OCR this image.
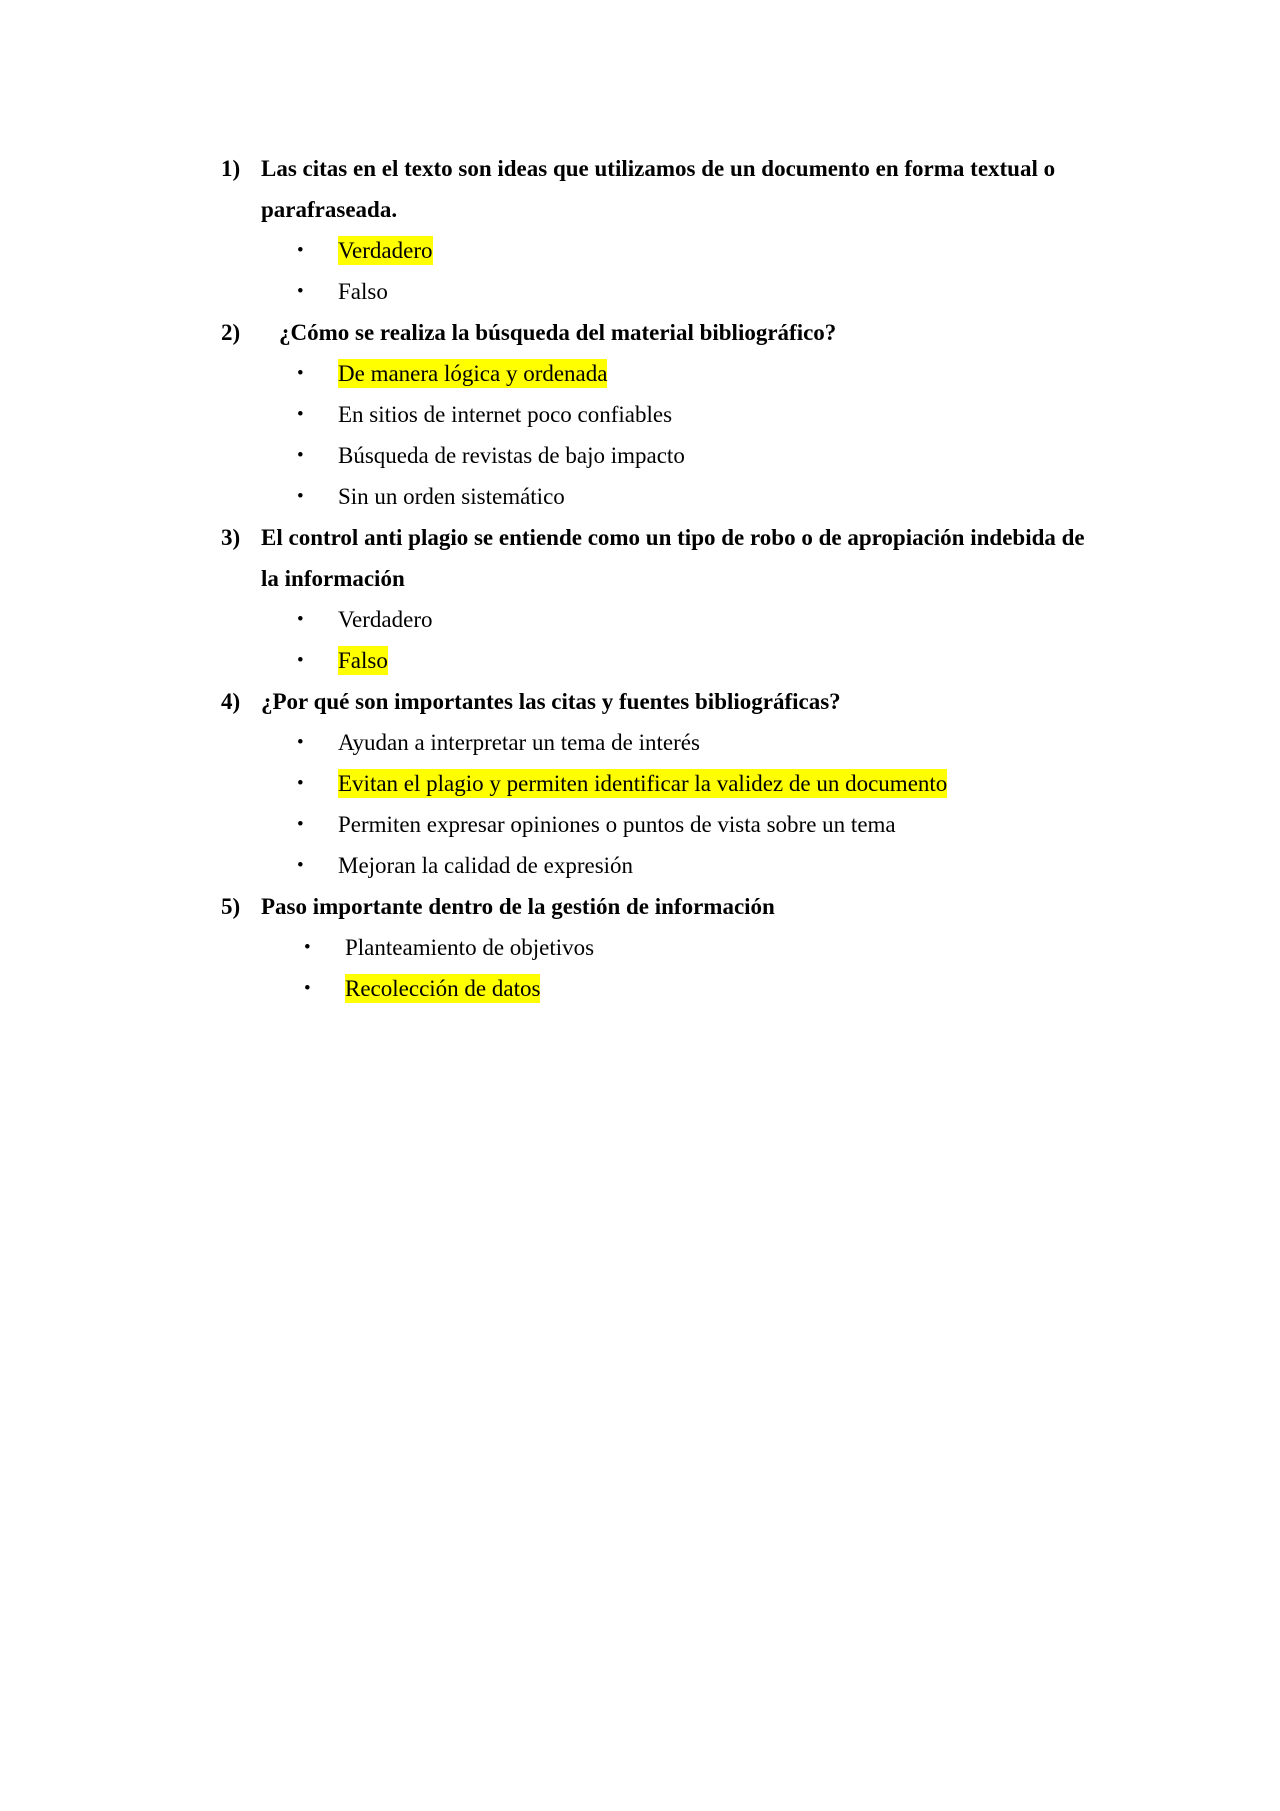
1) Las citas en el texto son ideas que utilizamos de un documento en forma textual o parafraseada.
• Verdadero
• Falso
2) ¿Cómo se realiza la búsqueda del material bibliográfico?
• De manera lógica y ordenada
• En sitios de internet poco confiables
• Búsqueda de revistas de bajo impacto
• Sin un orden sistemático
3) El control anti plagio se entiende como un tipo de robo o de apropiación indebida de la información
• Verdadero
• Falso
4) ¿Por qué son importantes las citas y fuentes bibliográficas?
• Ayudan a interpretar un tema de interés
• Evitan el plagio y permiten identificar la validez de un documento
• Permiten expresar opiniones o puntos de vista sobre un tema
• Mejoran la calidad de expresión
5) Paso importante dentro de la gestión de información
• Planteamiento de objetivos
• Recolección de datos
